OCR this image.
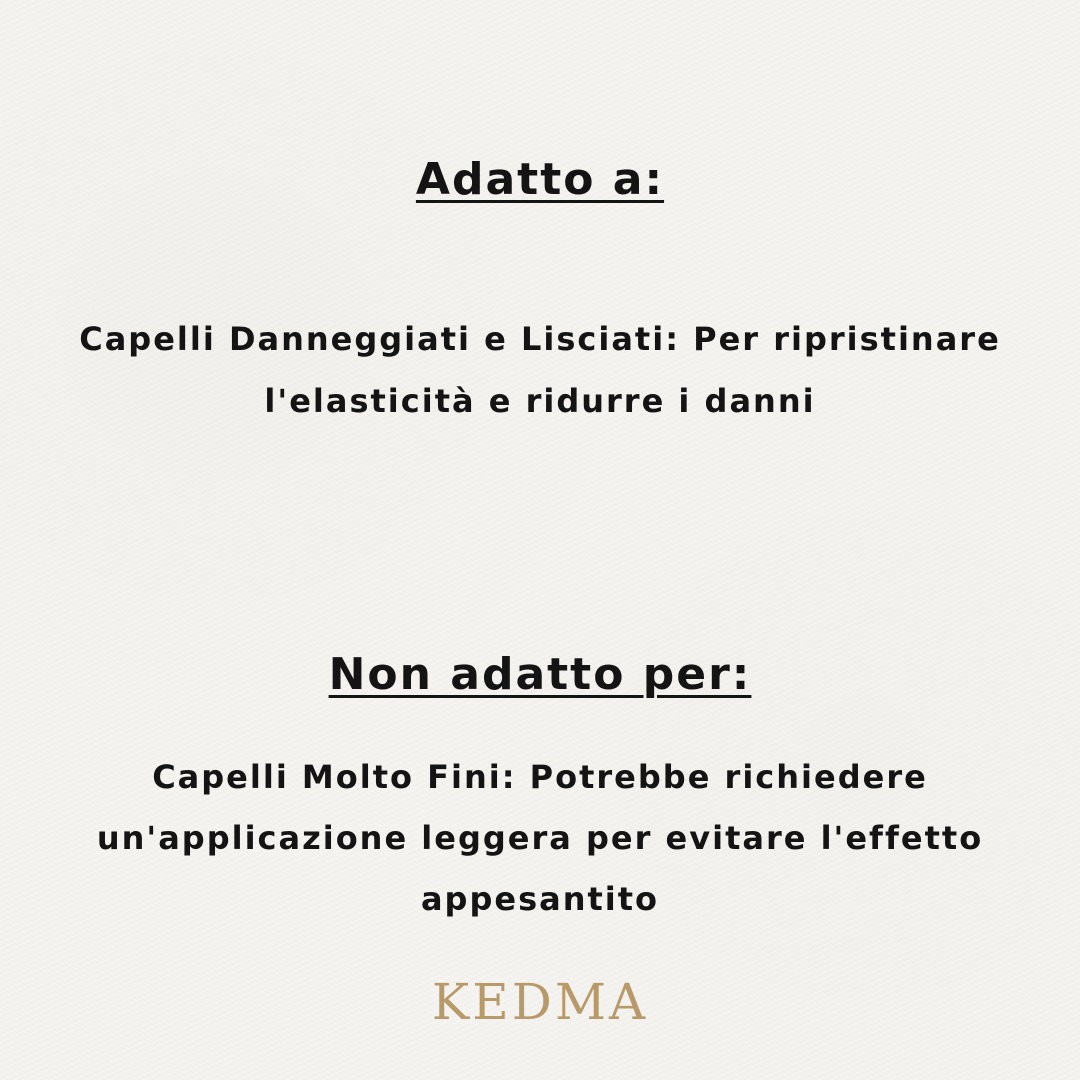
Adatto a:

Capelli Danneggiati e Lisciati: Per ripristinare
l'elasticità e ridurre i danni

Non adatto per:

Capelli Molto Fini: Potrebbe richiedere
un'applicazione leggera per evitare l'effetto
appesantito

KEDMA
